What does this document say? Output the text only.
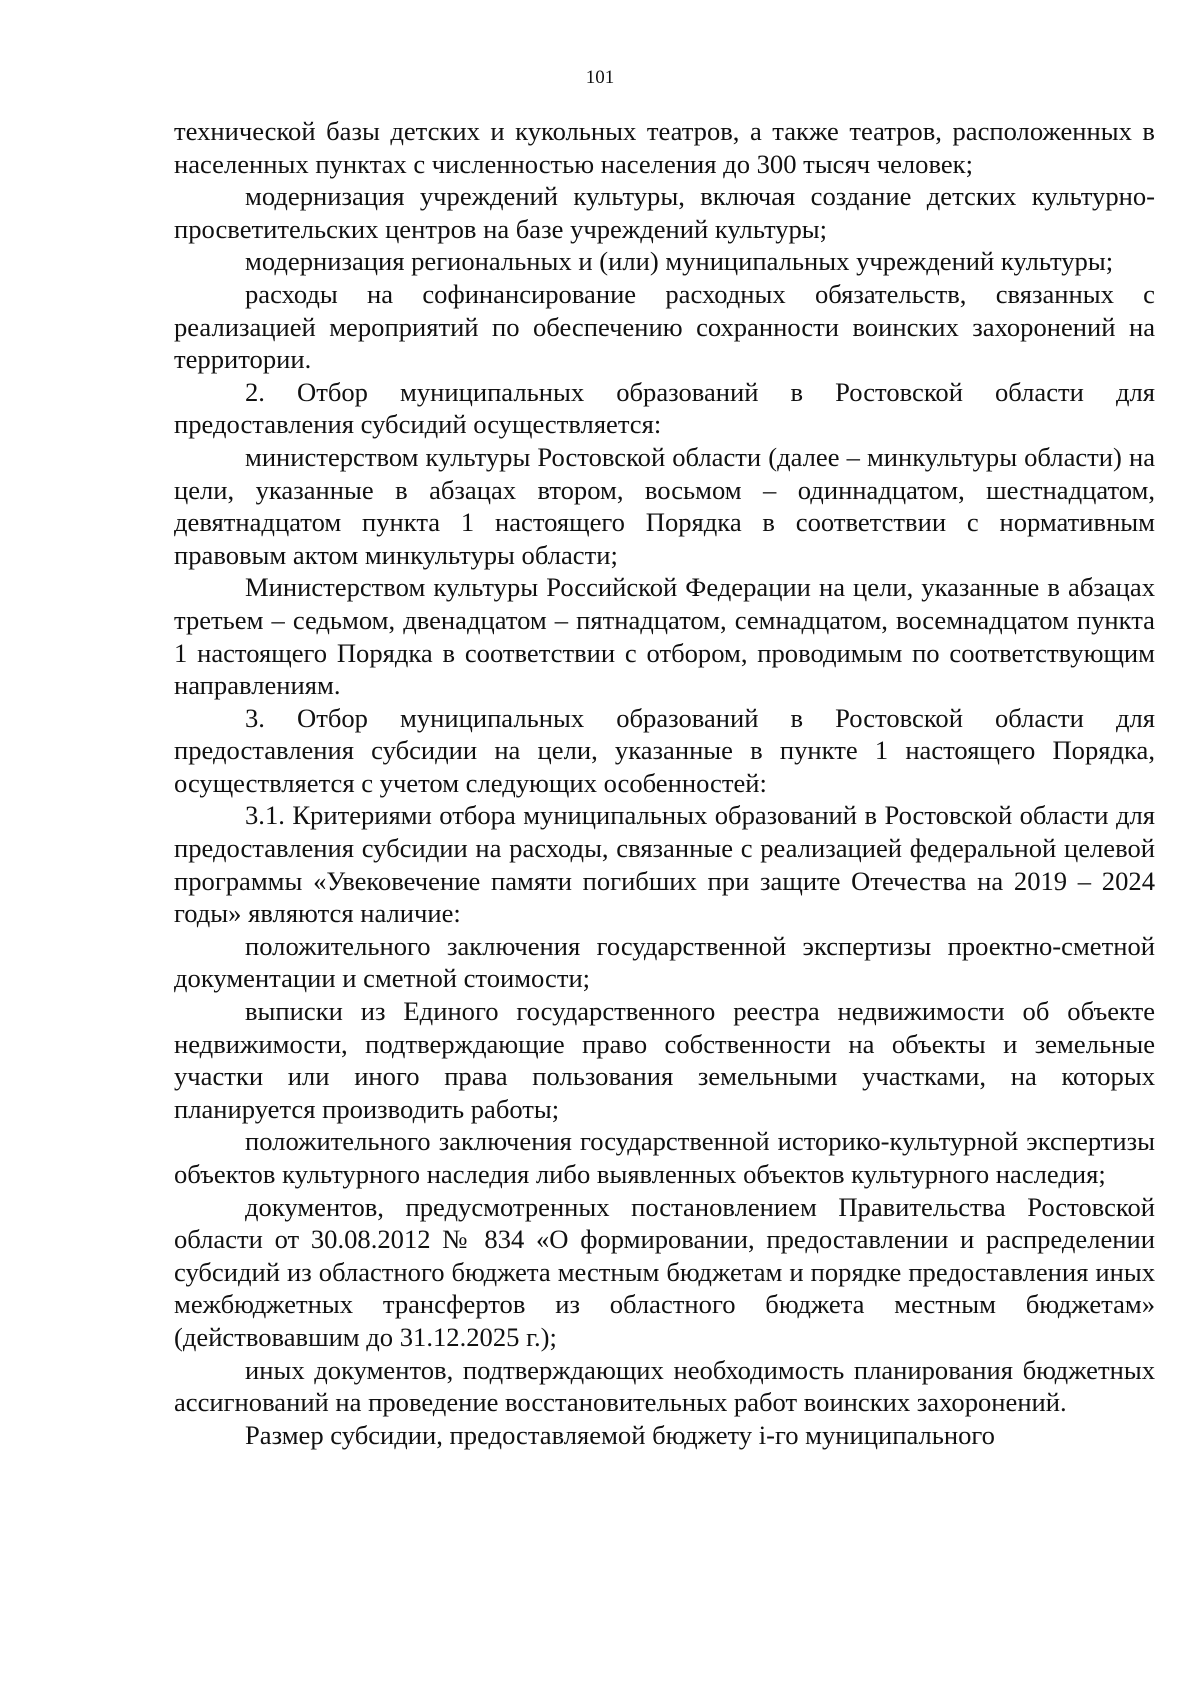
101

технической базы детских и кукольных театров, а также театров, расположенных в населенных пунктах с численностью населения до 300 тысяч человек;

модернизация учреждений культуры, включая создание детских культурно-просветительских центров на базе учреждений культуры;

модернизация региональных и (или) муниципальных учреждений культуры;

расходы на софинансирование расходных обязательств, связанных с реализацией мероприятий по обеспечению сохранности воинских захоронений на территории.

2. Отбор муниципальных образований в Ростовской области для предоставления субсидий осуществляется:

министерством культуры Ростовской области (далее – минкультуры области) на цели, указанные в абзацах втором, восьмом – одиннадцатом, шестнадцатом, девятнадцатом пункта 1 настоящего Порядка в соответствии с нормативным правовым актом минкультуры области;

Министерством культуры Российской Федерации на цели, указанные в абзацах третьем – седьмом, двенадцатом – пятнадцатом, семнадцатом, восемнадцатом пункта 1 настоящего Порядка в соответствии с отбором, проводимым по соответствующим направлениям.

3. Отбор муниципальных образований в Ростовской области для предоставления субсидии на цели, указанные в пункте 1 настоящего Порядка, осуществляется с учетом следующих особенностей:

3.1. Критериями отбора муниципальных образований в Ростовской области для предоставления субсидии на расходы, связанные с реализацией федеральной целевой программы «Увековечение памяти погибших при защите Отечества на 2019 – 2024 годы» являются наличие:

положительного заключения государственной экспертизы проектно-сметной документации и сметной стоимости;

выписки из Единого государственного реестра недвижимости об объекте недвижимости, подтверждающие право собственности на объекты и земельные участки или иного права пользования земельными участками, на которых планируется производить работы;

положительного заключения государственной историко-культурной экспертизы объектов культурного наследия либо выявленных объектов культурного наследия;

документов, предусмотренных постановлением Правительства Ростовской области от 30.08.2012 № 834 «О формировании, предоставлении и распределении субсидий из областного бюджета местным бюджетам и порядке предоставления иных межбюджетных трансфертов из областного бюджета местным бюджетам» (действовавшим до 31.12.2025 г.);

иных документов, подтверждающих необходимость планирования бюджетных ассигнований на проведение восстановительных работ воинских захоронений.

Размер субсидии, предоставляемой бюджету i-го муниципального
